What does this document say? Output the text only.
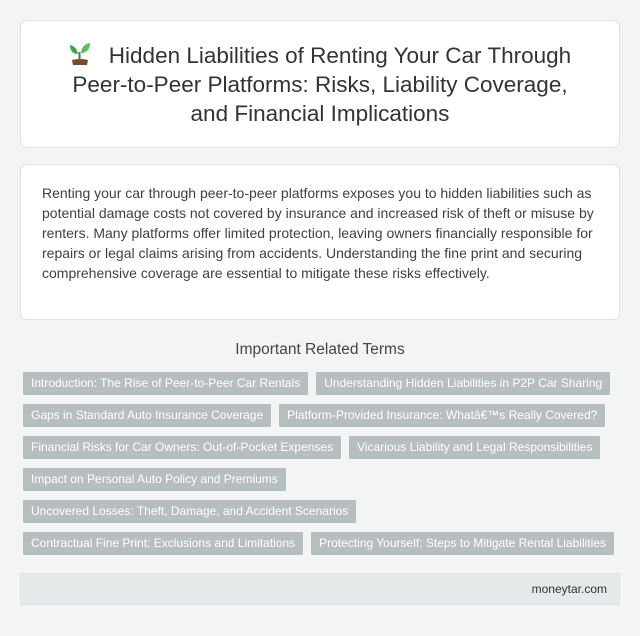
Hidden Liabilities of Renting Your Car Through Peer-to-Peer Platforms: Risks, Liability Coverage, and Financial Implications

Renting your car through peer-to-peer platforms exposes you to hidden liabilities such as potential damage costs not covered by insurance and increased risk of theft or misuse by renters. Many platforms offer limited protection, leaving owners financially responsible for repairs or legal claims arising from accidents. Understanding the fine print and securing comprehensive coverage are essential to mitigate these risks effectively.

Important Related Terms
Introduction: The Rise of Peer-to-Peer Car Rentals	Understanding Hidden Liabilities in P2P Car Sharing
Gaps in Standard Auto Insurance Coverage	Platform-Provided Insurance: Whatâ€™s Really Covered?
Financial Risks for Car Owners: Out-of-Pocket Expenses	Vicarious Liability and Legal Responsibilities
Impact on Personal Auto Policy and Premiums
Uncovered Losses: Theft, Damage, and Accident Scenarios
Contractual Fine Print: Exclusions and Limitations	Protecting Yourself: Steps to Mitigate Rental Liabilities
moneytar.com
